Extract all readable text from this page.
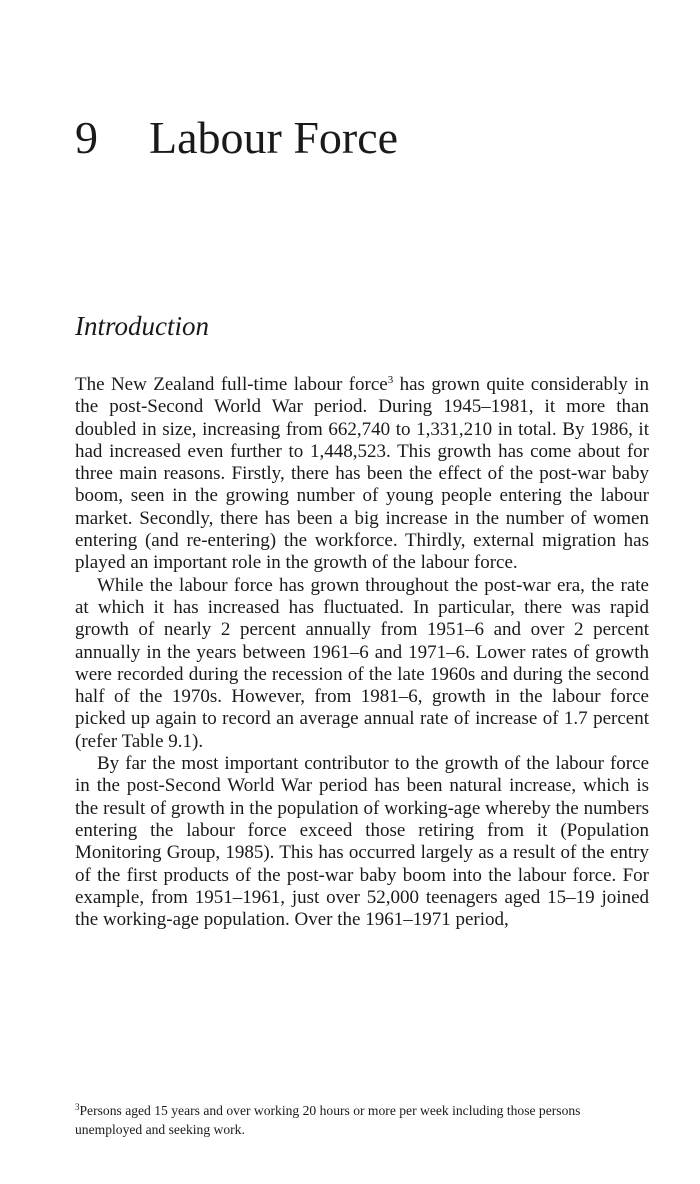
9 Labour Force
Introduction

The New Zealand full-time labour force$^3$ has grown quite considerably in the post-Second World War period. During 1945–1981, it more than doubled in size, increasing from 662,740 to 1,331,210 in total. By 1986, it had increased even further to 1,448,523. This growth has come about for three main reasons. Firstly, there has been the effect of the post-war baby boom, seen in the growing number of young people entering the labour market. Secondly, there has been a big increase in the number of women entering (and re-entering) the workforce. Thirdly, external migration has played an important role in the growth of the labour force.

While the labour force has grown throughout the post-war era, the rate at which it has increased has fluctuated. In particular, there was rapid growth of nearly 2 percent annually from 1951–6 and over 2 percent annually in the years between 1961–6 and 1971–6. Lower rates of growth were recorded during the recession of the late 1960s and during the second half of the 1970s. However, from 1981–6, growth in the labour force picked up again to record an average annual rate of increase of 1.7 percent (refer Table 9.1).

By far the most important contributor to the growth of the labour force in the post-Second World War period has been natural increase, which is the result of growth in the population of working-age whereby the numbers entering the labour force exceed those retiring from it (Population Monitoring Group, 1985). This has occurred largely as a result of the entry of the first products of the post-war baby boom into the labour force. For example, from 1951–1961, just over 52,000 teenagers aged 15–19 joined the working-age population. Over the 1961–1971 period,

$^3$Persons aged 15 years and over working 20 hours or more per week including those persons unemployed and seeking work.
